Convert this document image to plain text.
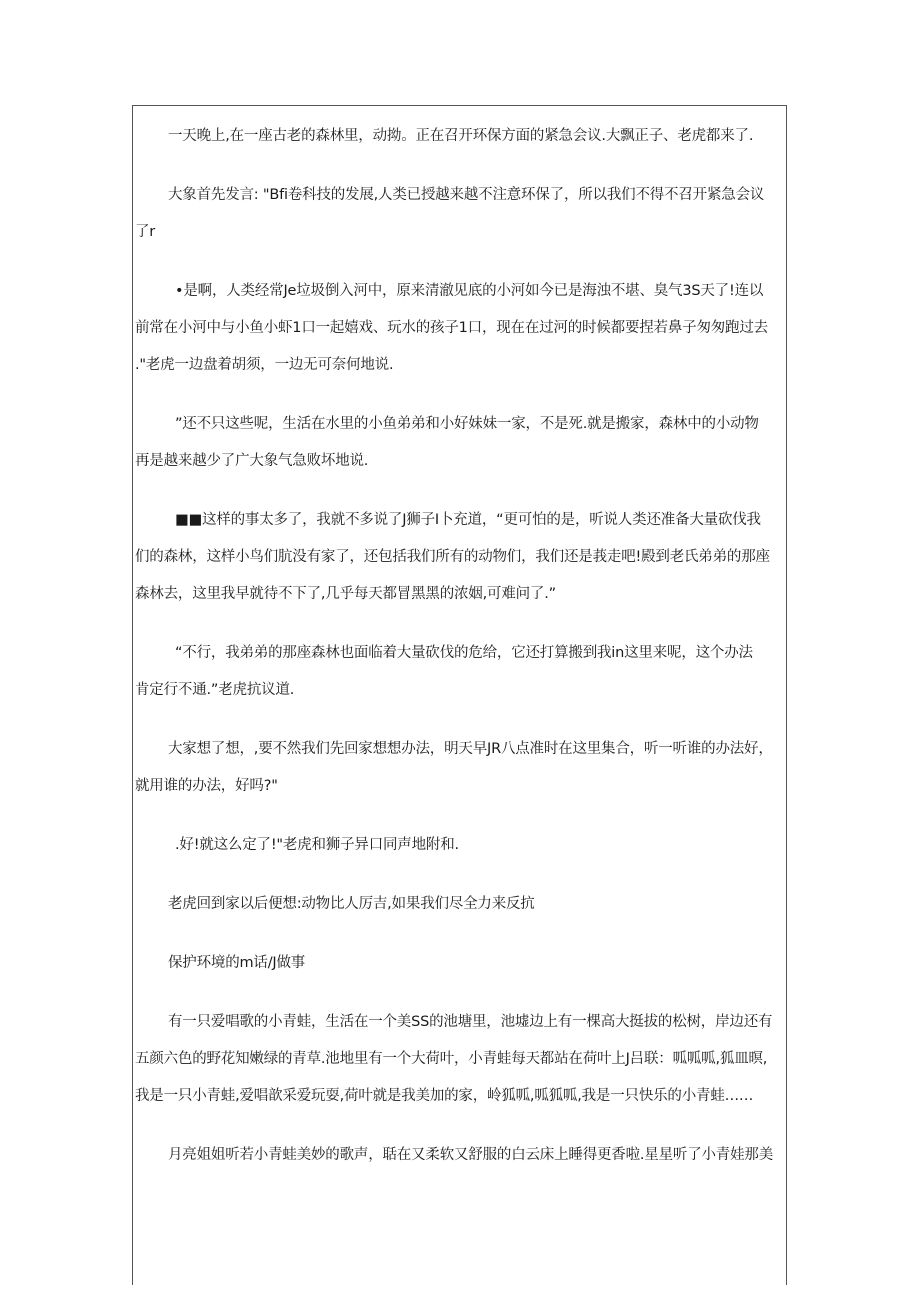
一天晚上,在一座古老的森林里，动拗。正在召开环保方面的紧急会议.大飘正子、老虎都来了.

大象首先发言: "Bfi卷科技的发展,人类已授越来越不注意环保了，所以我们不得不召开紧急会议
了r

•是啊，人类经常Je垃圾倒入河中，原来清澈见底的小河如今已是海浊不堪、臭气3S天了!连以
前常在小河中与小鱼小虾1口一起嬉戏、玩水的孩子1口，现在在过河的时候都要捏若鼻子匆匆跑过去
."老虎一边盘着胡须，一边无可奈何地说.

”还不只这些呢，生活在水里的小鱼弟弟和小好妹妹一家，不是死.就是搬家，森林中的小动物
再是越来越少了广大象气急败坏地说.

■■这样的事太多了，我就不多说了J狮子I卜充道，“更可怕的是，听说人类还准备大量砍伐我
们的森林，这样小鸟们肮没有家了，还包括我们所有的动物们，我们还是莪走吧!殿到老氏弟弟的那座
森林去，这里我早就待不下了,几乎每天都冒黑黑的浓姻,可难问了.”

“不行，我弟弟的那座森林也面临着大量砍伐的危给，它还打算搬到我in这里来呢，这个办法
肯定行不通.”老虎抗议道.

大家想了想，,要不然我们先回家想想办法，明天早JR八点准时在这里集合，听一听谁的办法好，
就用谁的办法，好吗?"

.好!就这么定了!"老虎和狮子异口同声地附和.

老虎回到家以后便想:动物比人厉吉,如果我们尽全力来反抗

保护环境的m话/J做事

有一只爱唱歌的小青蛙，生活在一个美SS的池塘里，池墟边上有一棵高大挺拔的松树，岸边还有
五颜六色的野花知嫩绿的青草.池地里有一个大荷叶，小青蛙每天都站在荷叶上J吕联：呱呱呱,狐皿暝,
我是一只小青蛙,爱唱歆采爱玩耍,荷叶就是我美加的家，岭狐呱,呱狐呱,我是一只快乐的小青蛙……

月亮姐姐听若小青蛙美妙的歌声，聒在又柔软又舒服的白云床上睡得更香啦.星星听了小青娃那美
